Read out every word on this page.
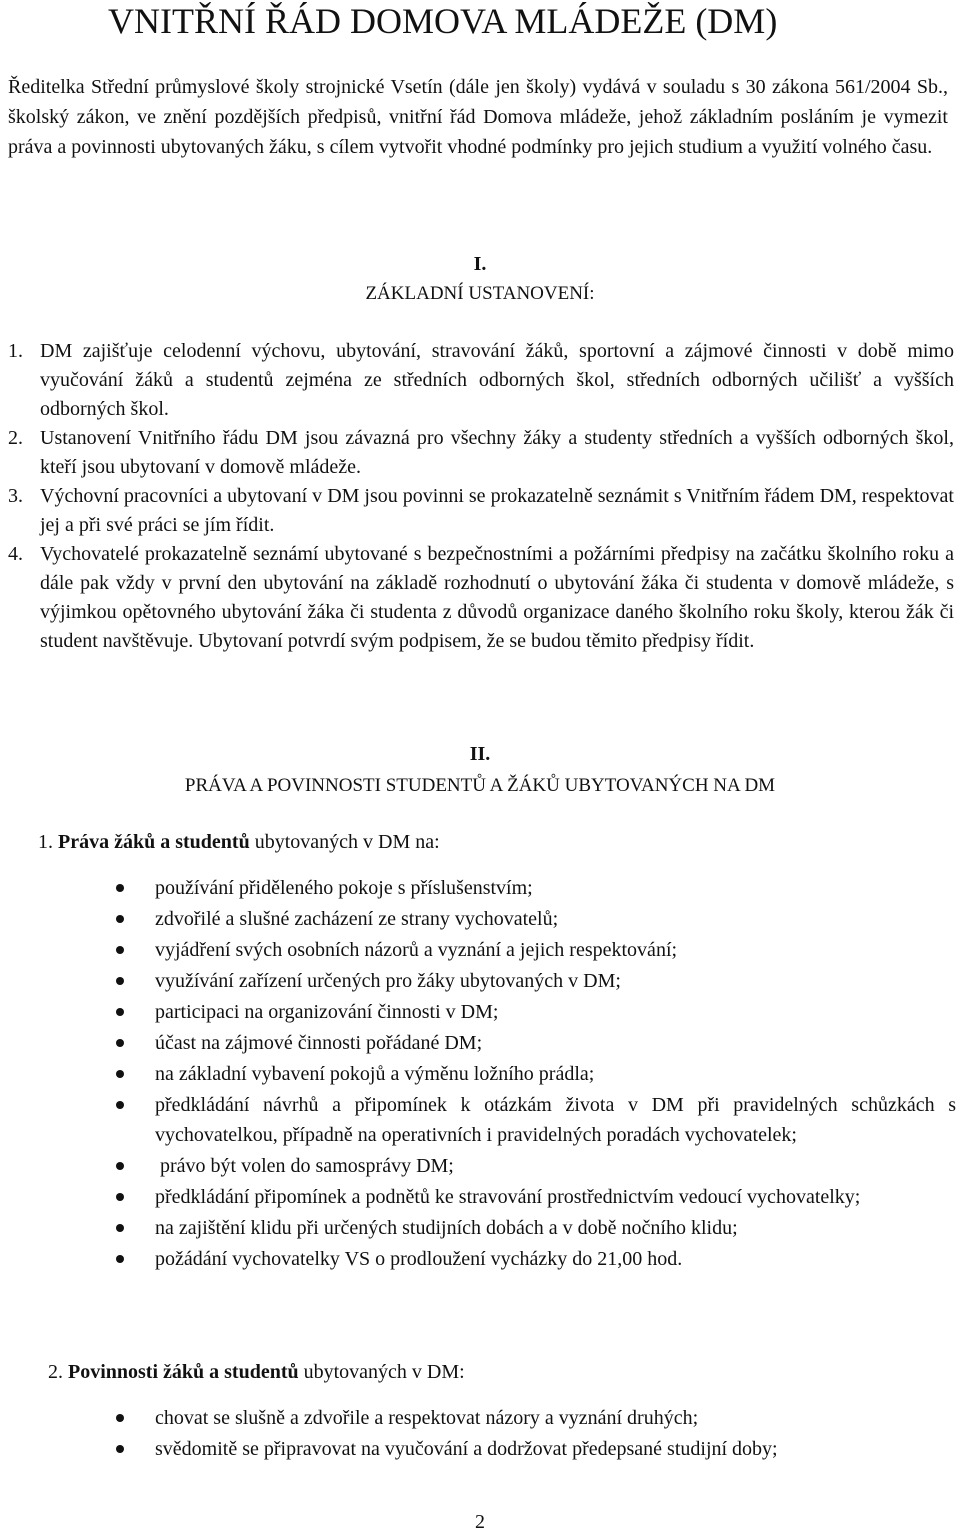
VNITŘNÍ ŘÁD DOMOVA MLÁDEŽE (DM)
Ředitelka Střední průmyslové školy strojnické Vsetín (dále jen školy) vydává v souladu s 30 zákona 561/2004 Sb., školský zákon, ve znění pozdějších předpisů, vnitřní řád Domova mládeže, jehož základním posláním je vymezit práva a povinnosti ubytovaných žáku, s cílem vytvořit vhodné podmínky pro jejich studium a využití volného času.
I.
ZÁKLADNÍ USTANOVENÍ:
1. DM zajišťuje celodenní výchovu, ubytování, stravování žáků, sportovní a zájmové činnosti v době mimo vyučování žáků a studentů zejména ze středních odborných škol, středních odborných učilišť a vyšších odborných škol.
2. Ustanovení Vnitřního řádu DM jsou závazná pro všechny žáky a studenty středních a vyšších odborných škol, kteří jsou ubytovaní v domově mládeže.
3. Výchovní pracovníci a ubytovaní v DM jsou povinni se prokazatelně seznámit s Vnitřním řádem DM, respektovat jej a při své práci se jím řídit.
4. Vychovatelé prokazatelně seznámí ubytované s bezpečnostními a požárními předpisy na začátku školního roku a dále pak vždy v první den ubytování na základě rozhodnutí o ubytování žáka či studenta v domově mládeže, s výjimkou opětovného ubytování žáka či studenta z důvodů organizace daného školního roku školy, kterou žák či student navštěvuje. Ubytovaní potvrdí svým podpisem, že se budou těmito předpisy řídit.
II.
PRÁVA A POVINNOSTI STUDENTŮ A ŽÁKŮ UBYTOVANÝCH NA DM
1. Práva žáků a studentů ubytovaných v DM na:
používání přiděleného pokoje s příslušenstvím;
zdvořilé a slušné zacházení ze strany vychovatelů;
vyjádření svých osobních názorů a vyznání a jejich respektování;
využívání zařízení určených pro žáky ubytovaných v DM;
participaci na organizování činnosti v DM;
účast na zájmové činnosti pořádané DM;
na základní vybavení pokojů a výměnu ložního prádla;
předkládání návrhů a připomínek k otázkám života v DM při pravidelných schůzkách s vychovatelkou, případně na operativních i pravidelných poradách vychovatelek;
právo být volen do samosprávy DM;
předkládání připomínek a podnětů ke stravování prostřednictvím vedoucí vychovatelky;
na zajištění klidu při určených studijních dobách a v době nočního klidu;
požádání vychovatelky VS o prodloužení vycházky do 21,00 hod.
2. Povinnosti žáků a studentů ubytovaných v DM:
chovat se slušně a zdvořile a respektovat názory a vyznání druhých;
svědomitě se připravovat na vyučování a dodržovat předepsané studijní doby;
2
